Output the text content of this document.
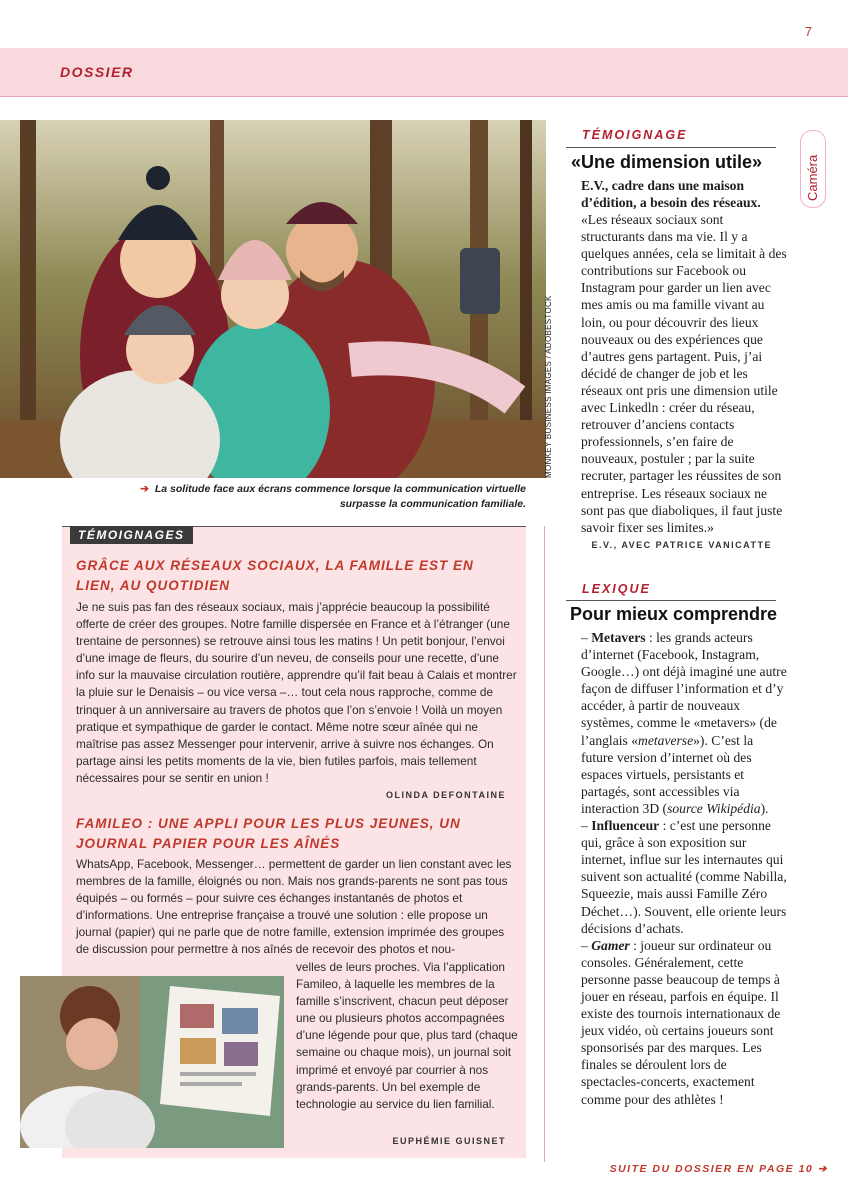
7
DOSSIER
MONKEY BUSINESS IMAGES / ADOBESTOCK
➔ La solitude face aux écrans commence lorsque la communication virtuelle surpasse la communication familiale.
TÉMOIGNAGES
GRÂCE AUX RÉSEAUX SOCIAUX, LA FAMILLE EST EN LIEN, AU QUOTIDIEN
Je ne suis pas fan des réseaux sociaux, mais j’apprécie beaucoup la possibilité offerte de créer des groupes. Notre famille dispersée en France et à l’étranger (une trentaine de personnes) se retrouve ainsi tous les matins ! Un petit bonjour, l’envoi d’une image de fleurs, du sourire d’un neveu, de conseils pour une recette, d’une info sur la mauvaise circulation routière, apprendre qu’il fait beau à Calais et montrer la pluie sur le Denaisis – ou vice versa –… tout cela nous rapproche, comme de trinquer à un anniversaire au travers de photos que l’on s’envoie ! Voilà un moyen pratique et sympathique de garder le contact. Même notre sœur aînée qui ne maîtrise pas assez Messenger pour intervenir, arrive à suivre nos échanges. On partage ainsi les petits moments de la vie, bien futiles parfois, mais tellement nécessaires pour se sentir en union !
OLINDA DEFONTAINE
FAMILEO : UNE APPLI POUR LES PLUS JEUNES, UN JOURNAL PAPIER POUR LES AÎNÉS
WhatsApp, Facebook, Messenger… permettent de garder un lien constant avec les membres de la famille, éloignés ou non. Mais nos grands-parents ne sont pas tous équipés – ou formés – pour suivre ces échanges instantanés de photos et d’informations. Une entreprise française a trouvé une solution : elle propose un journal (papier) qui ne parle que de notre famille, extension imprimée des groupes de discussion pour permettre à nos aînés de recevoir des photos et nou-
velles de leurs proches. Via l’application Famileo, à laquelle les membres de la famille s’inscrivent, chacun peut déposer une ou plusieurs photos accompagnées d’une légende pour que, plus tard (chaque semaine ou chaque mois), un journal soit imprimé et envoyé par courrier à nos grands-parents. Un bel exemple de technologie au service du lien familial.
EUPHÉMIE GUISNET
TÉMOIGNAGE
«Une dimension utile»
E.V., cadre dans une maison d’édition, a besoin des réseaux.
«Les réseaux sociaux sont structurants dans ma vie. Il y a quelques années, cela se limitait à des contributions sur Facebook ou Instagram pour garder un lien avec mes amis ou ma famille vivant au loin, ou pour découvrir des lieux nouveaux ou des expériences que d’autres gens partagent. Puis, j’ai décidé de changer de job et les réseaux ont pris une dimension utile avec Linkedln : créer du réseau, retrouver d’anciens contacts professionnels, s’en faire de nouveaux, postuler ; par la suite recruter, partager les réussites de son entreprise. Les réseaux sociaux ne sont pas que diaboliques, il faut juste savoir fixer ses limites.»
E.V., AVEC PATRICE VANICATTE
LEXIQUE
Pour mieux comprendre
– Metavers : les grands acteurs d’internet (Facebook, Instagram, Google…) ont déjà imaginé une autre façon de diffuser l’information et d’y accéder, à partir de nouveaux systèmes, comme le «metavers» (de l’anglais «metaverse»). C’est la future version d’internet où des espaces virtuels, persistants et partagés, sont accessibles via interaction 3D (source Wikipédia).
– Influenceur : c’est une personne qui, grâce à son exposition sur internet, influe sur les internautes qui suivent son actualité (comme Nabilla, Squeezie, mais aussi Famille Zéro Déchet…). Souvent, elle oriente leurs décisions d’achats.
– Gamer : joueur sur ordinateur ou consoles. Généralement, cette personne passe beaucoup de temps à jouer en réseau, parfois en équipe. Il existe des tournois internationaux de jeux vidéo, où certains joueurs sont sponsorisés par des marques. Les finales se déroulent lors de spectacles-concerts, exactement comme pour des athlètes !
Caméra
SUITE DU DOSSIER EN PAGE 10 ➔
